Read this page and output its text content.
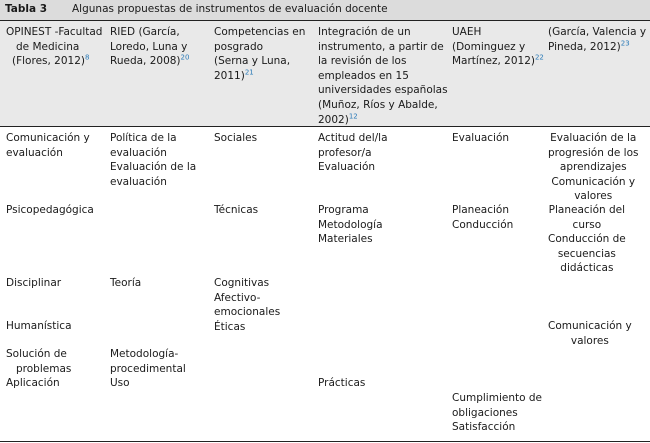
Tabla 3 Algunas propuestas de instrumentos de evaluación docente
OPINEST -Facultad
de Medicina
(Flores, 2012)$^8$
RIED (García,
Loredo, Luna y
Rueda, 2008)$^{20}$
Competencias en
posgrado
(Serna y Luna,
2011)$^{21}$
Integración de un
instrumento, a partir de
la revisión de los
empleados en 15
universidades españolas
(Muñoz, Ríos y Abalde,
2002)$^{12}$
UAEH
(Dominguez y
Martínez, 2012)$^{22}$
(García, Valencia y
Pineda, 2012)$^{23}$
Comunicación y
evaluación
Psicopedagógica
Disciplinar
Humanística
Solución de
problemas
Aplicación
Política de la
evaluación
Evaluación de la
evaluación
Teoría
Metodología-
procedimental
Uso
Sociales
Técnicas
Cognitivas
Afectivo-
emocionales
Éticas
Actitud del/la
profesor/a
Evaluación
Programa
Metodología
Materiales
Prácticas
Evaluación
Planeación
Conducción
Cumplimiento de
obligaciones
Satisfacción
Evaluación de la
progresión de los
aprendizajes
Comunicación y
valores
Planeación del
curso
Conducción de
secuencias
didácticas
Comunicación y
valores
